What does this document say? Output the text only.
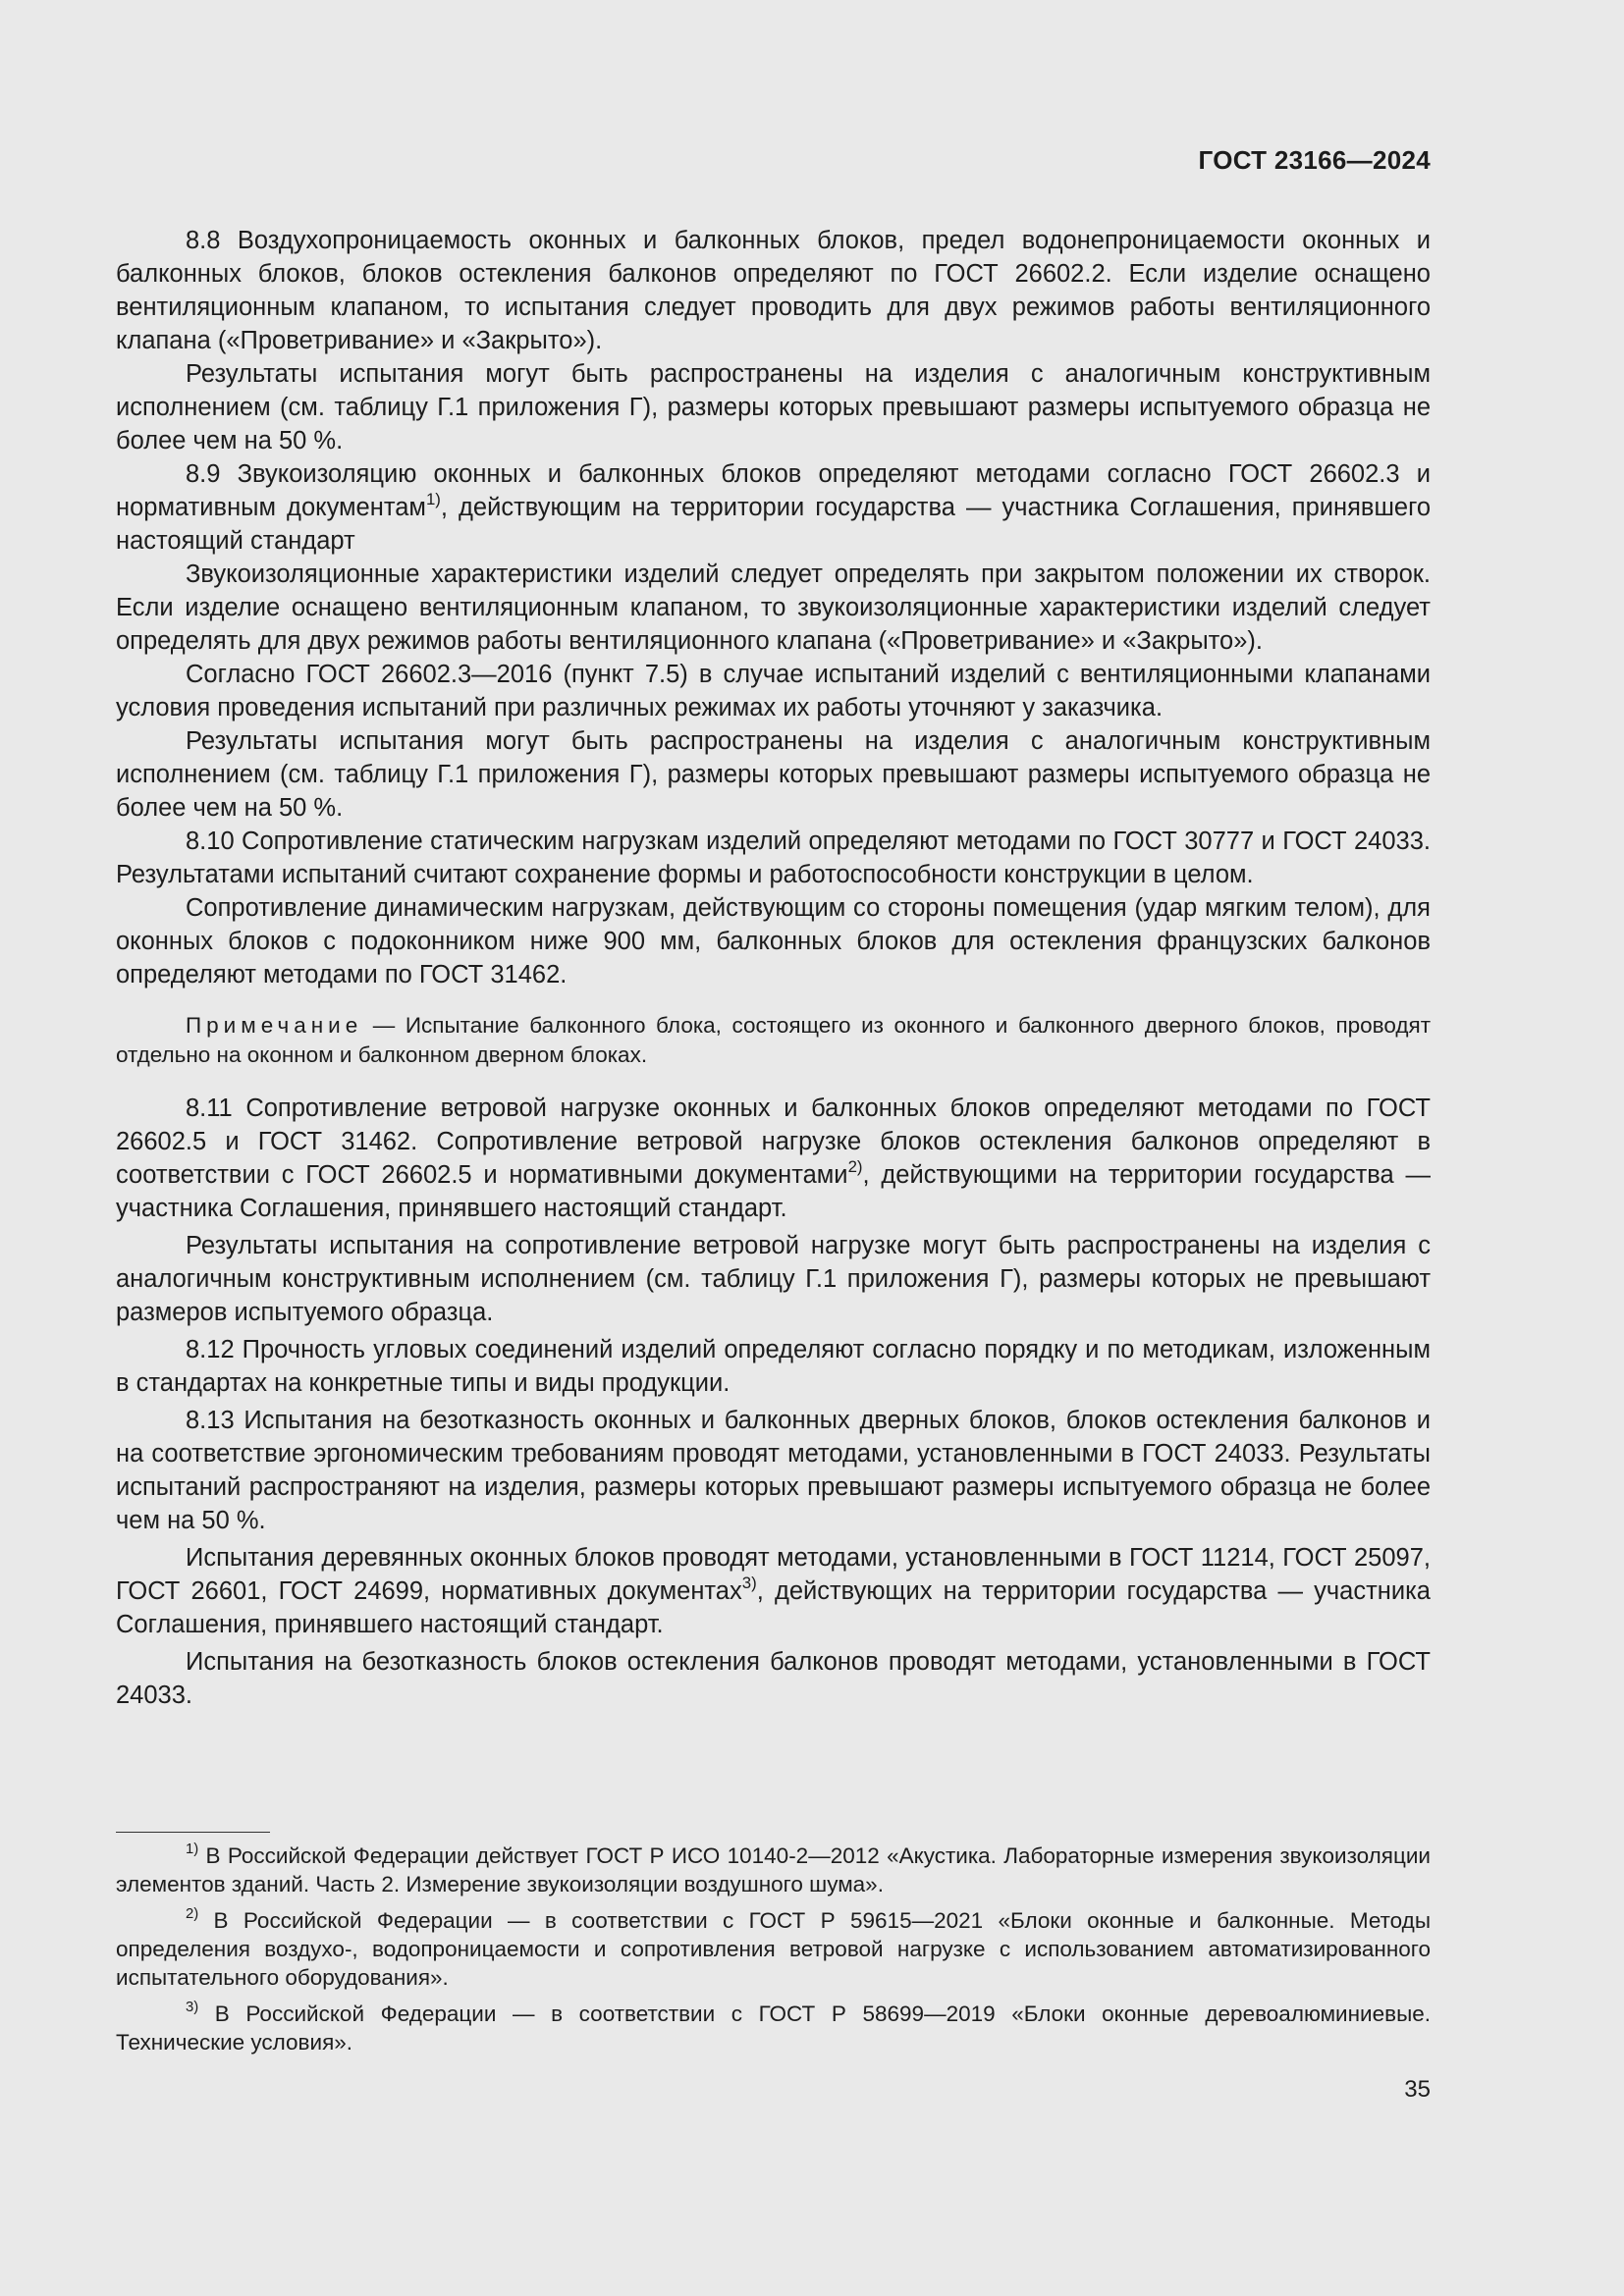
ГОСТ 23166—2024

8.8 Воздухопроницаемость оконных и балконных блоков, предел водонепроницаемости оконных и балконных блоков, блоков остекления балконов определяют по ГОСТ 26602.2. Если изделие оснащено вентиляционным клапаном, то испытания следует проводить для двух режимов работы вентиляционного клапана («Проветривание» и «Закрыто»).

Результаты испытания могут быть распространены на изделия с аналогичным конструктивным исполнением (см. таблицу Г.1 приложения Г), размеры которых превышают размеры испытуемого образца не более чем на 50 %.

8.9 Звукоизоляцию оконных и балконных блоков определяют методами согласно ГОСТ 26602.3 и нормативным документам$^{1)}$, действующим на территории государства — участника Соглашения, принявшего настоящий стандарт

Звукоизоляционные характеристики изделий следует определять при закрытом положении их створок. Если изделие оснащено вентиляционным клапаном, то звукоизоляционные характеристики изделий следует определять для двух режимов работы вентиляционного клапана («Проветривание» и «Закрыто»).

Согласно ГОСТ 26602.3—2016 (пункт 7.5) в случае испытаний изделий с вентиляционными клапанами условия проведения испытаний при различных режимах их работы уточняют у заказчика.

Результаты испытания могут быть распространены на изделия с аналогичным конструктивным исполнением (см. таблицу Г.1 приложения Г), размеры которых превышают размеры испытуемого образца не более чем на 50 %.

8.10 Сопротивление статическим нагрузкам изделий определяют методами по ГОСТ 30777 и ГОСТ 24033. Результатами испытаний считают сохранение формы и работоспособности конструкции в целом.

Сопротивление динамическим нагрузкам, действующим со стороны помещения (удар мягким телом), для оконных блоков с подоконником ниже 900 мм, балконных блоков для остекления французских балконов определяют методами по ГОСТ 31462.

Примечание — Испытание балконного блока, состоящего из оконного и балконного дверного блоков, проводят отдельно на оконном и балконном дверном блоках.

8.11 Сопротивление ветровой нагрузке оконных и балконных блоков определяют методами по ГОСТ 26602.5 и ГОСТ 31462. Сопротивление ветровой нагрузке блоков остекления балконов определяют в соответствии с ГОСТ 26602.5 и нормативными документами$^{2)}$, действующими на территории государства — участника Соглашения, принявшего настоящий стандарт.

Результаты испытания на сопротивление ветровой нагрузке могут быть распространены на изделия с аналогичным конструктивным исполнением (см. таблицу Г.1 приложения Г), размеры которых не превышают размеров испытуемого образца.

8.12 Прочность угловых соединений изделий определяют согласно порядку и по методикам, изложенным в стандартах на конкретные типы и виды продукции.

8.13 Испытания на безотказность оконных и балконных дверных блоков, блоков остекления балконов и на соответствие эргономическим требованиям проводят методами, установленными в ГОСТ 24033. Результаты испытаний распространяют на изделия, размеры которых превышают размеры испытуемого образца не более чем на 50 %.

Испытания деревянных оконных блоков проводят методами, установленными в ГОСТ 11214, ГОСТ 25097, ГОСТ 26601, ГОСТ 24699, нормативных документах$^{3)}$, действующих на территории государства — участника Соглашения, принявшего настоящий стандарт.

Испытания на безотказность блоков остекления балконов проводят методами, установленными в ГОСТ 24033.

$^{1)}$ В Российской Федерации действует ГОСТ Р ИСО 10140-2—2012 «Акустика. Лабораторные измерения звукоизоляции элементов зданий. Часть 2. Измерение звукоизоляции воздушного шума».

$^{2)}$ В Российской Федерации — в соответствии с ГОСТ Р 59615—2021 «Блоки оконные и балконные. Методы определения воздухо-, водопроницаемости и сопротивления ветровой нагрузке с использованием автоматизированного испытательного оборудования».

$^{3)}$ В Российской Федерации — в соответствии с ГОСТ Р 58699—2019 «Блоки оконные деревоалюминиевые. Технические условия».

35
